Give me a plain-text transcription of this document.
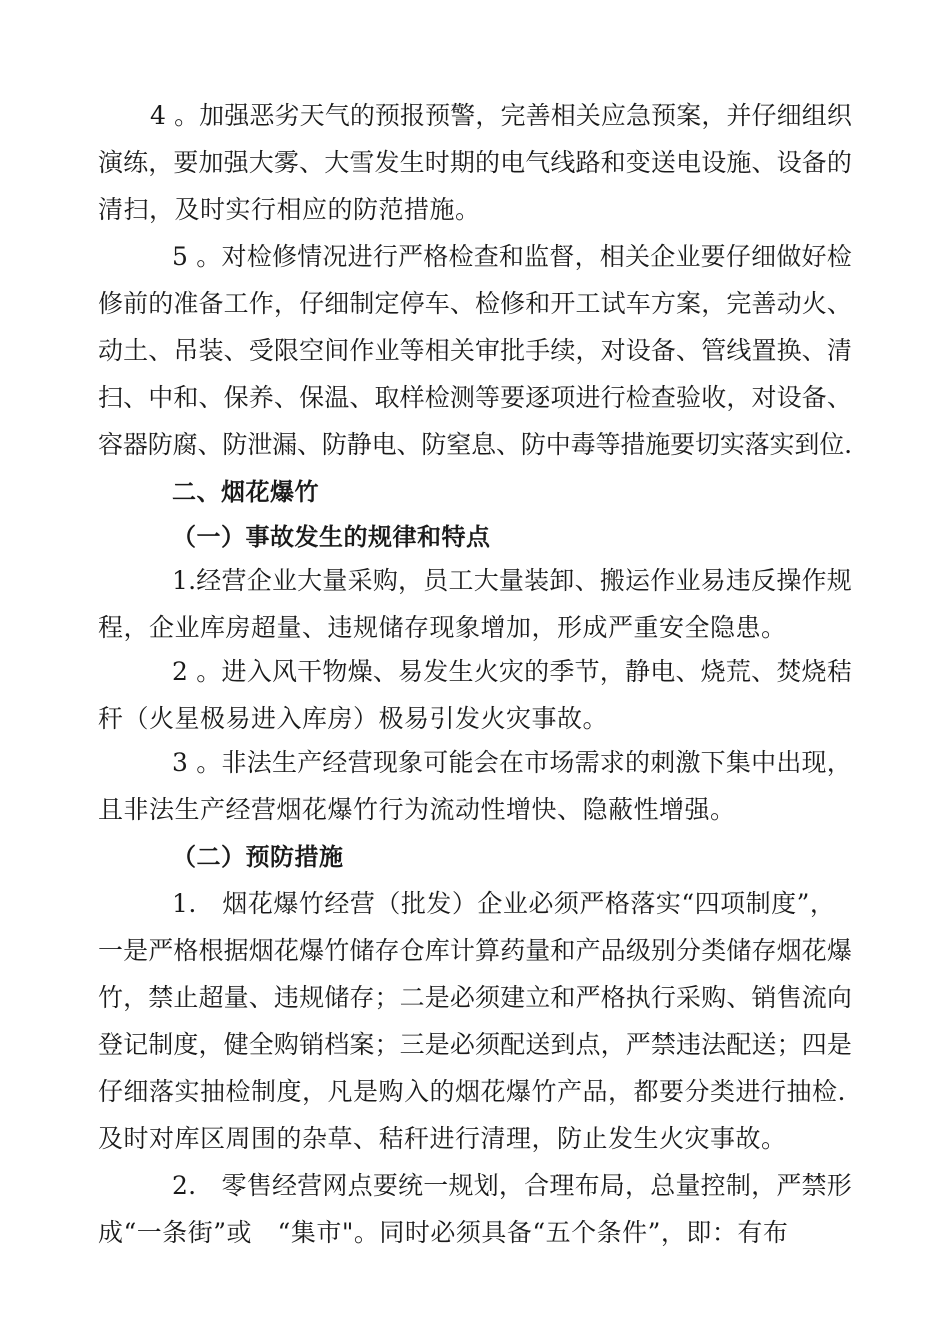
4 。加强恶劣天气的预报预警，完善相关应急预案，并仔细组织
演练，要加强大雾、大雪发生时期的电气线路和变送电设施、设备的
清扫，及时实行相应的防范措施。
5 。对检修情况进行严格检查和监督，相关企业要仔细做好检
修前的准备工作，仔细制定停车、检修和开工试车方案，完善动火、
动土、吊装、受限空间作业等相关审批手续，对设备、管线置换、清
扫、中和、保养、保温、取样检测等要逐项进行检查验收，对设备、
容器防腐、防泄漏、防静电、防窒息、防中毒等措施要切实落实到位.
二、烟花爆竹
（一）事故发生的规律和特点
1.经营企业大量采购，员工大量装卸、搬运作业易违反操作规
程，企业库房超量、违规储存现象增加，形成严重安全隐患。
2 。进入风干物燥、易发生火灾的季节，静电、烧荒、焚烧秸
秆（火星极易进入库房）极易引发火灾事故。
3 。非法生产经营现象可能会在市场需求的刺激下集中出现，
且非法生产经营烟花爆竹行为流动性增快、隐蔽性增强。
（二）预防措施
1.　烟花爆竹经营（批发）企业必须严格落实“四项制度”，
一是严格根据烟花爆竹储存仓库计算药量和产品级别分类储存烟花爆
竹，禁止超量、违规储存；二是必须建立和严格执行采购、销售流向
登记制度，健全购销档案；三是必须配送到点，严禁违法配送；四是
仔细落实抽检制度，凡是购入的烟花爆竹产品，都要分类进行抽检.
及时对库区周围的杂草、秸秆进行清理，防止发生火灾事故。
2.　零售经营网点要统一规划，合理布局，总量控制，严禁形
成“一条街”或　“集市"。同时必须具备“五个条件”，即：有布
